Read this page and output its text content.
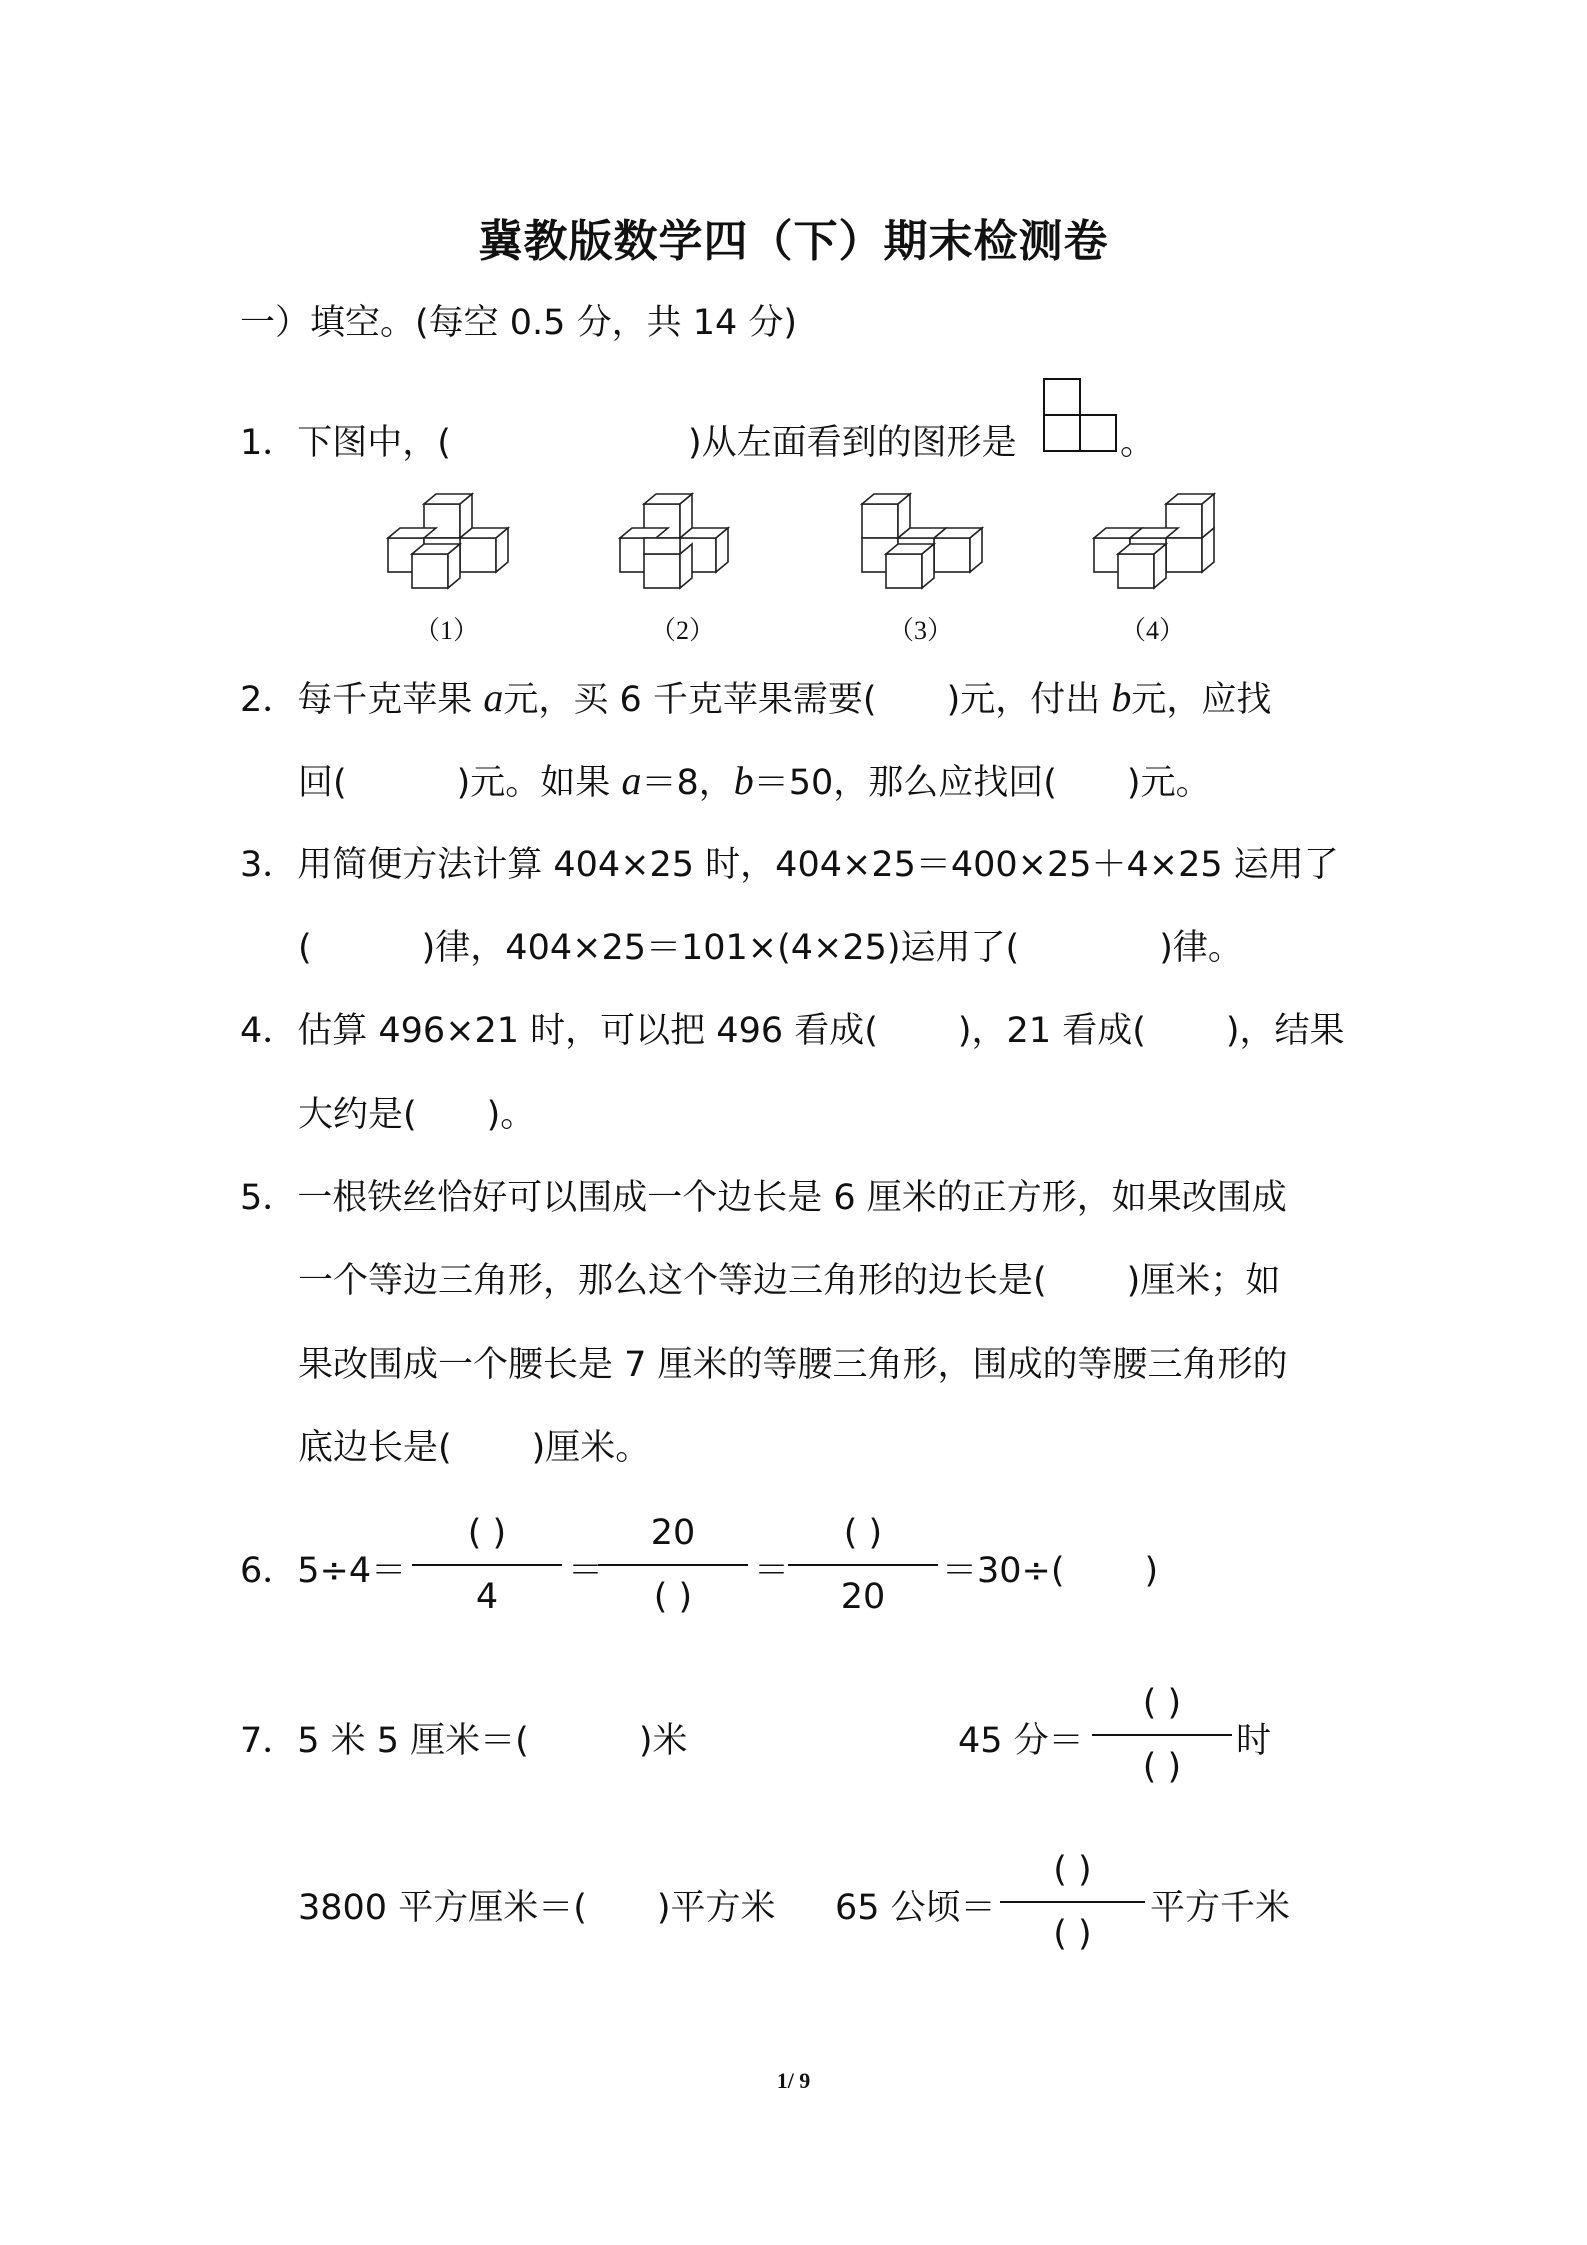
冀教版数学四（下）期末检测卷
一）填空。(每空 0.5 分，共 14 分)
1．下图中，(	)从左面看到的图形是	。
（1）	（2）	（3）	（4）
2．每千克苹果 a元，买 6 千克苹果需要( )元，付出 b元，应找
回(	)元。如果 a＝8，b＝50，那么应找回( )元。
3．用简便方法计算 404×25 时，404×25＝400×25＋4×25 运用了
(	)律，404×25＝101×(4×25)运用了(	)律。
4．估算 496×21 时，可以把 496 看成( )，21 看成( )，结果
大约是( )。
5．一根铁丝恰好可以围成一个边长是 6 厘米的正方形，如果改围成
一个等边三角形，那么这个等边三角形的边长是( )厘米；如
果改围成一个腰长是 7 厘米的等腰三角形，围成的等腰三角形的
底边长是( )厘米。
6．5÷4＝
( )
4
＝
20
( )
＝
( )
20
＝30÷( )
7．5 米 5 厘米＝(	)米	45 分＝
( )
( )
时
3800 平方厘米＝( )平方米 65 公顷＝
( )
( )
平方千米
1/ 9
